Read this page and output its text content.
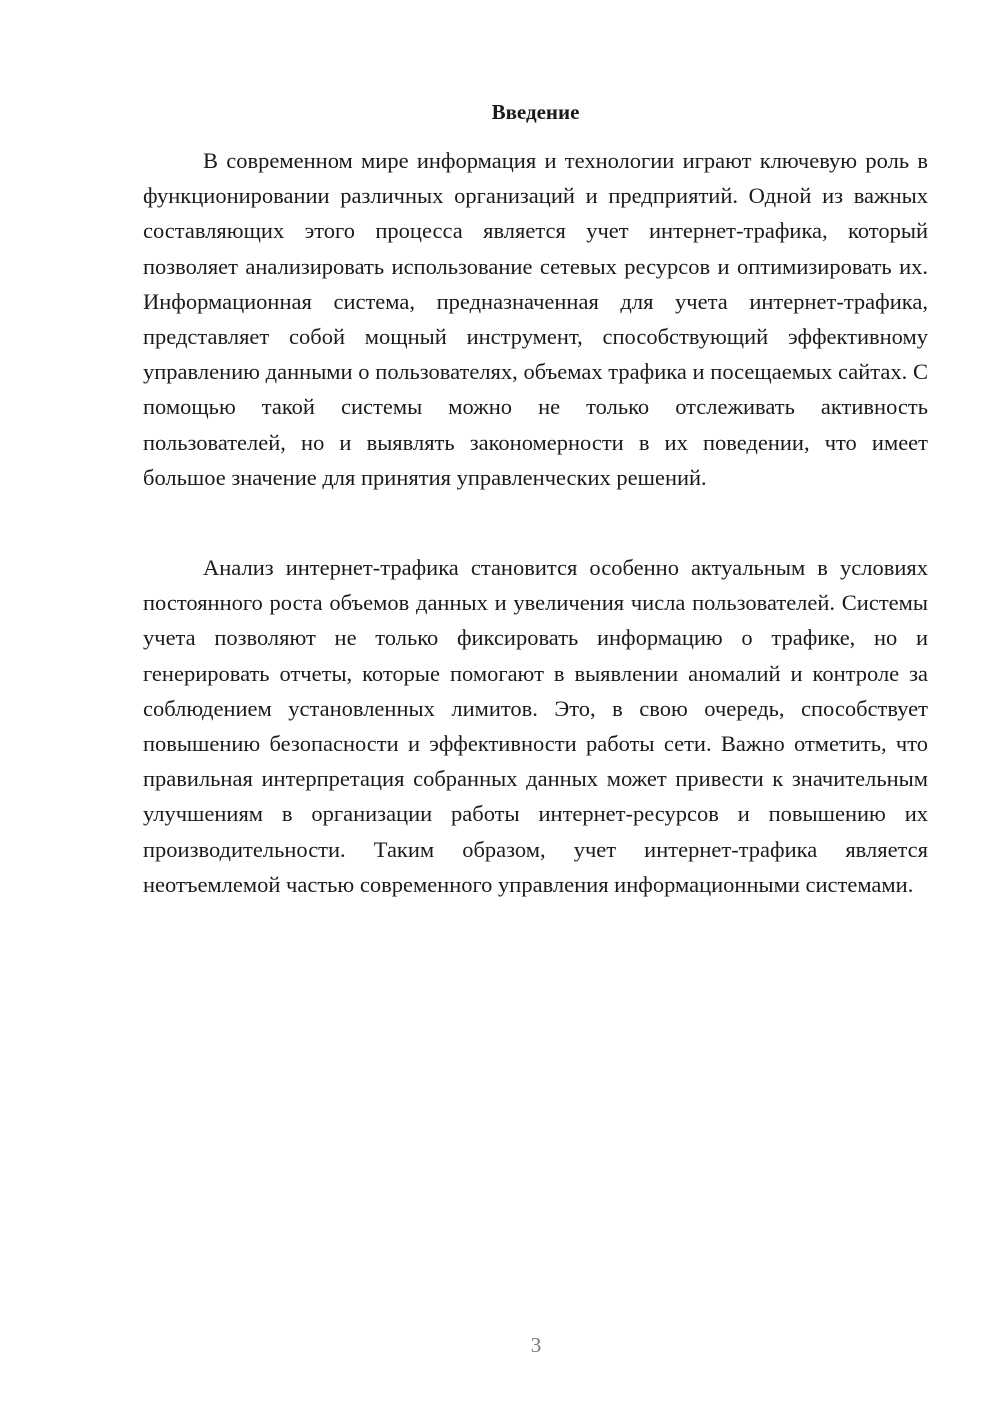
Введение

В современном мире информация и технологии играют ключевую роль в функционировании различных организаций и предприятий. Одной из важных составляющих этого процесса является учет интернет-трафика, который позволяет анализировать использование сетевых ресурсов и оптимизировать их. Информационная система, предназначенная для учета интернет-трафика, представляет собой мощный инструмент, способствующий эффективному управлению данными о пользователях, объемах трафика и посещаемых сайтах. С помощью такой системы можно не только отслеживать активность пользователей, но и выявлять закономерности в их поведении, что имеет большое значение для принятия управленческих решений.

Анализ интернет-трафика становится особенно актуальным в условиях постоянного роста объемов данных и увеличения числа пользователей. Системы учета позволяют не только фиксировать информацию о трафике, но и генерировать отчеты, которые помогают в выявлении аномалий и контроле за соблюдением установленных лимитов. Это, в свою очередь, способствует повышению безопасности и эффективности работы сети. Важно отметить, что правильная интерпретация собранных данных может привести к значительным улучшениям в организации работы интернет-ресурсов и повышению их производительности. Таким образом, учет интернет-трафика является неотъемлемой частью современного управления информационными системами.

3
